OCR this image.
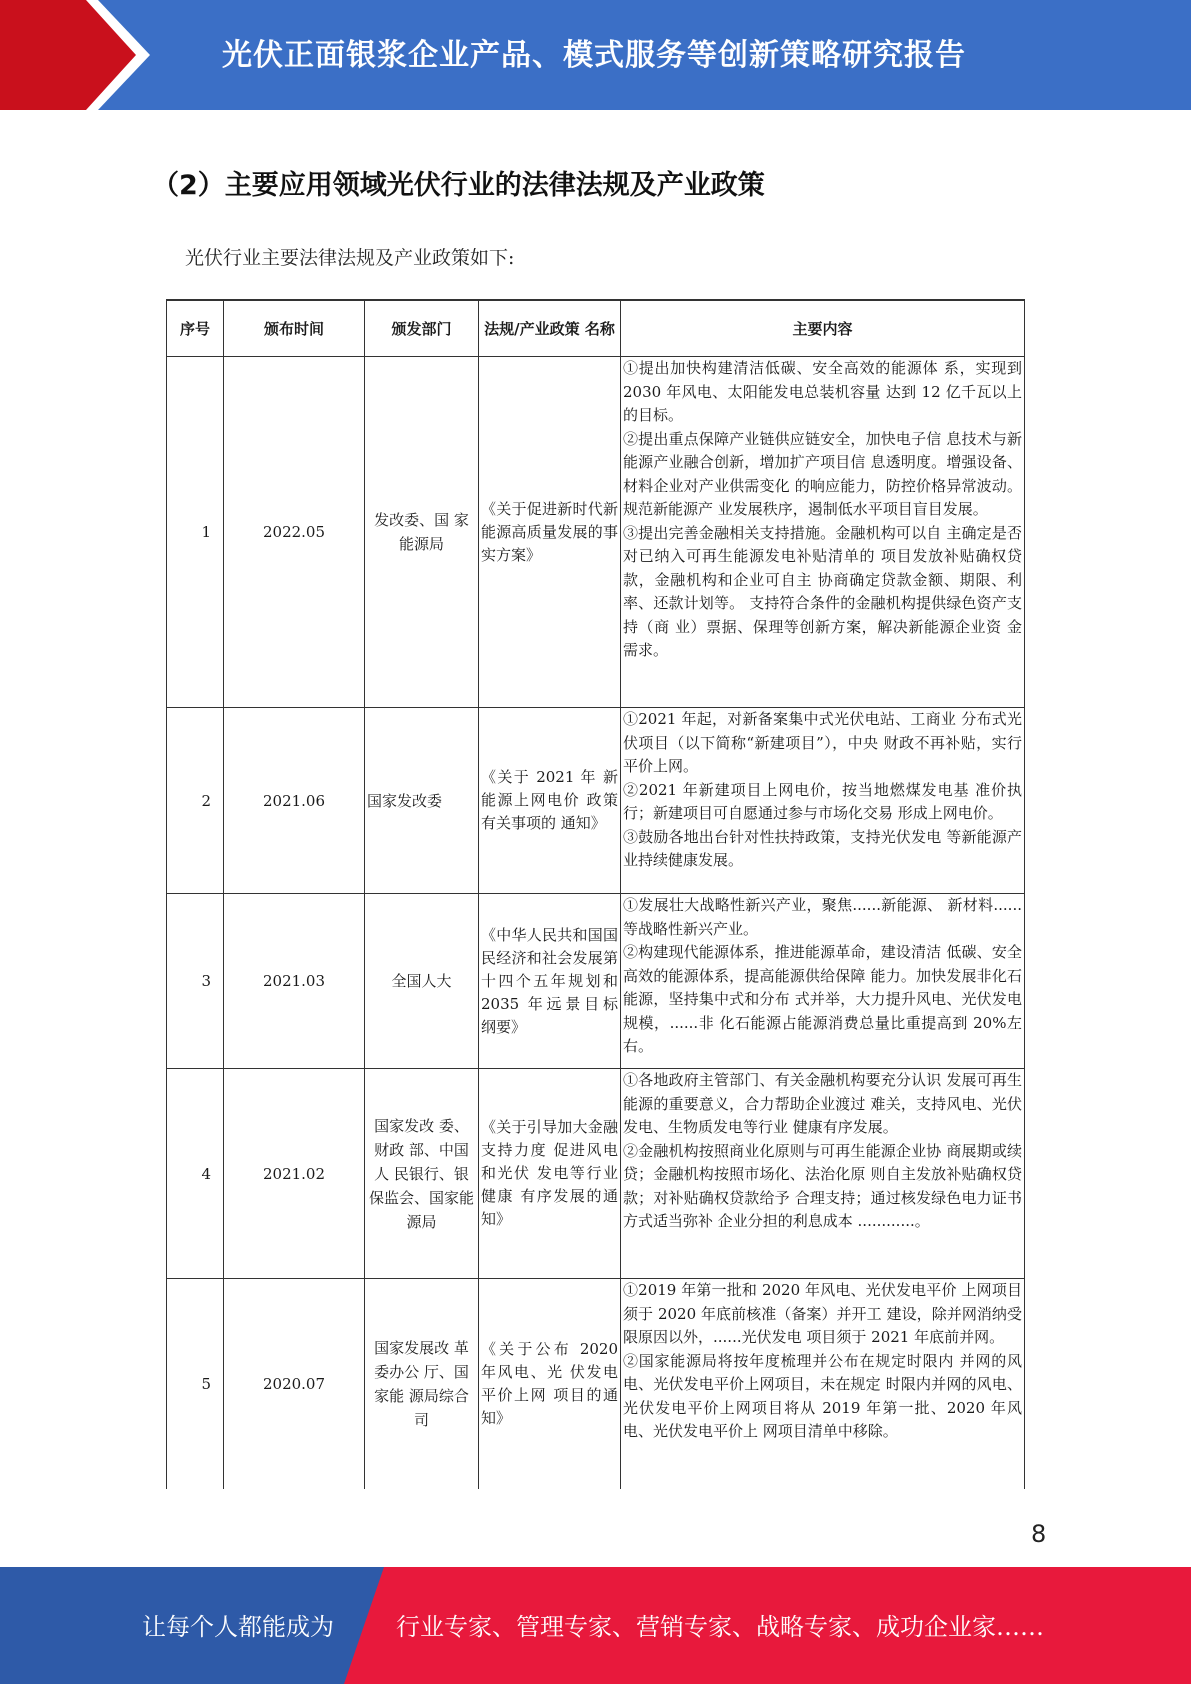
光伏正面银浆企业产品、模式服务等创新策略研究报告
（2）主要应用领域光伏行业的法律法规及产业政策
光伏行业主要法律法规及产业政策如下:
序号	颁布时间	颁发部门	法规/产业政策 名称	主要内容
1	2022.05	发改委、国 家能源局	《关于促进新时代新能源高质量发展的事实方案》	①提出加快构建清洁低碳、安全高效的能源体 系，实现到 2030 年风电、太阳能发电总装机容量 达到 12 亿千瓦以上的目标。
②提出重点保障产业链供应链安全，加快电子信 息技术与新能源产业融合创新，增加扩产项目信 息透明度。增强设备、材料企业对产业供需变化 的响应能力，防控价格异常波动。规范新能源产 业发展秩序，遏制低水平项目盲目发展。
③提出完善金融相关支持措施。金融机构可以自 主确定是否对已纳入可再生能源发电补贴清单的 项目发放补贴确权贷款，金融机构和企业可自主 协商确定贷款金额、期限、利率、还款计划等。 支持符合条件的金融机构提供绿色资产支持（商 业）票据、保理等创新方案，解决新能源企业资 金需求。

2	2021.06	国家发改委	《关于 2021 年 新能源上网电价 政策有关事项的 通知》	①2021 年起，对新备案集中式光伏电站、工商业 分布式光伏项目（以下简称“新建项目”），中央 财政不再补贴，实行平价上网。
②2021 年新建项目上网电价，按当地燃煤发电基 准价执行；新建项目可自愿通过参与市场化交易 形成上网电价。
③鼓励各地出台针对性扶持政策，支持光伏发电 等新能源产业持续健康发展。

3	2021.03	全国人大	《中华人民共和国国民经济和社会发展第十四个五年规划和 2035 年远景目标 纲要》	①发展壮大战略性新兴产业，聚焦......新能源、 新材料......等战略性新兴产业。
②构建现代能源体系，推进能源革命，建设清洁 低碳、安全高效的能源体系，提高能源供给保障 能力。加快发展非化石能源，坚持集中式和分布 式并举，大力提升风电、光伏发电规模，......非 化石能源占能源消费总量比重提高到 20%左右。

4	2021.02	国家发改 委、财政 部、中国人 民银行、银保监会、国家能源局	《关于引导加大金融支持力度 促进风电和光伏 发电等行业健康 有序发展的通 知》	①各地政府主管部门、有关金融机构要充分认识 发展可再生能源的重要意义，合力帮助企业渡过 难关，支持风电、光伏发电、生物质发电等行业 健康有序发展。
②金融机构按照商业化原则与可再生能源企业协 商展期或续贷；金融机构按照市场化、法治化原 则自主发放补贴确权贷款；对补贴确权贷款给予 合理支持；通过核发绿色电力证书方式适当弥补 企业分担的利息成本 ............。

5	2020.07	国家发展改 革委办公 厅、国家能 源局综合司	《关于公布 2020 年风电、光 伏发电平价上网 项目的通知》	①2019 年第一批和 2020 年风电、光伏发电平价 上网项目须于 2020 年底前核准（备案）并开工 建设，除并网消纳受限原因以外，......光伏发电 项目须于 2021 年底前并网。
②国家能源局将按年度梳理并公布在规定时限内 并网的风电、光伏发电平价上网项目，未在规定 时限内并网的风电、光伏发电平价上网项目将从 2019 年第一批、2020 年风电、光伏发电平价上 网项目清单中移除。
8
让每个人都能成为	行业专家、管理专家、营销专家、战略专家、成功企业家……
